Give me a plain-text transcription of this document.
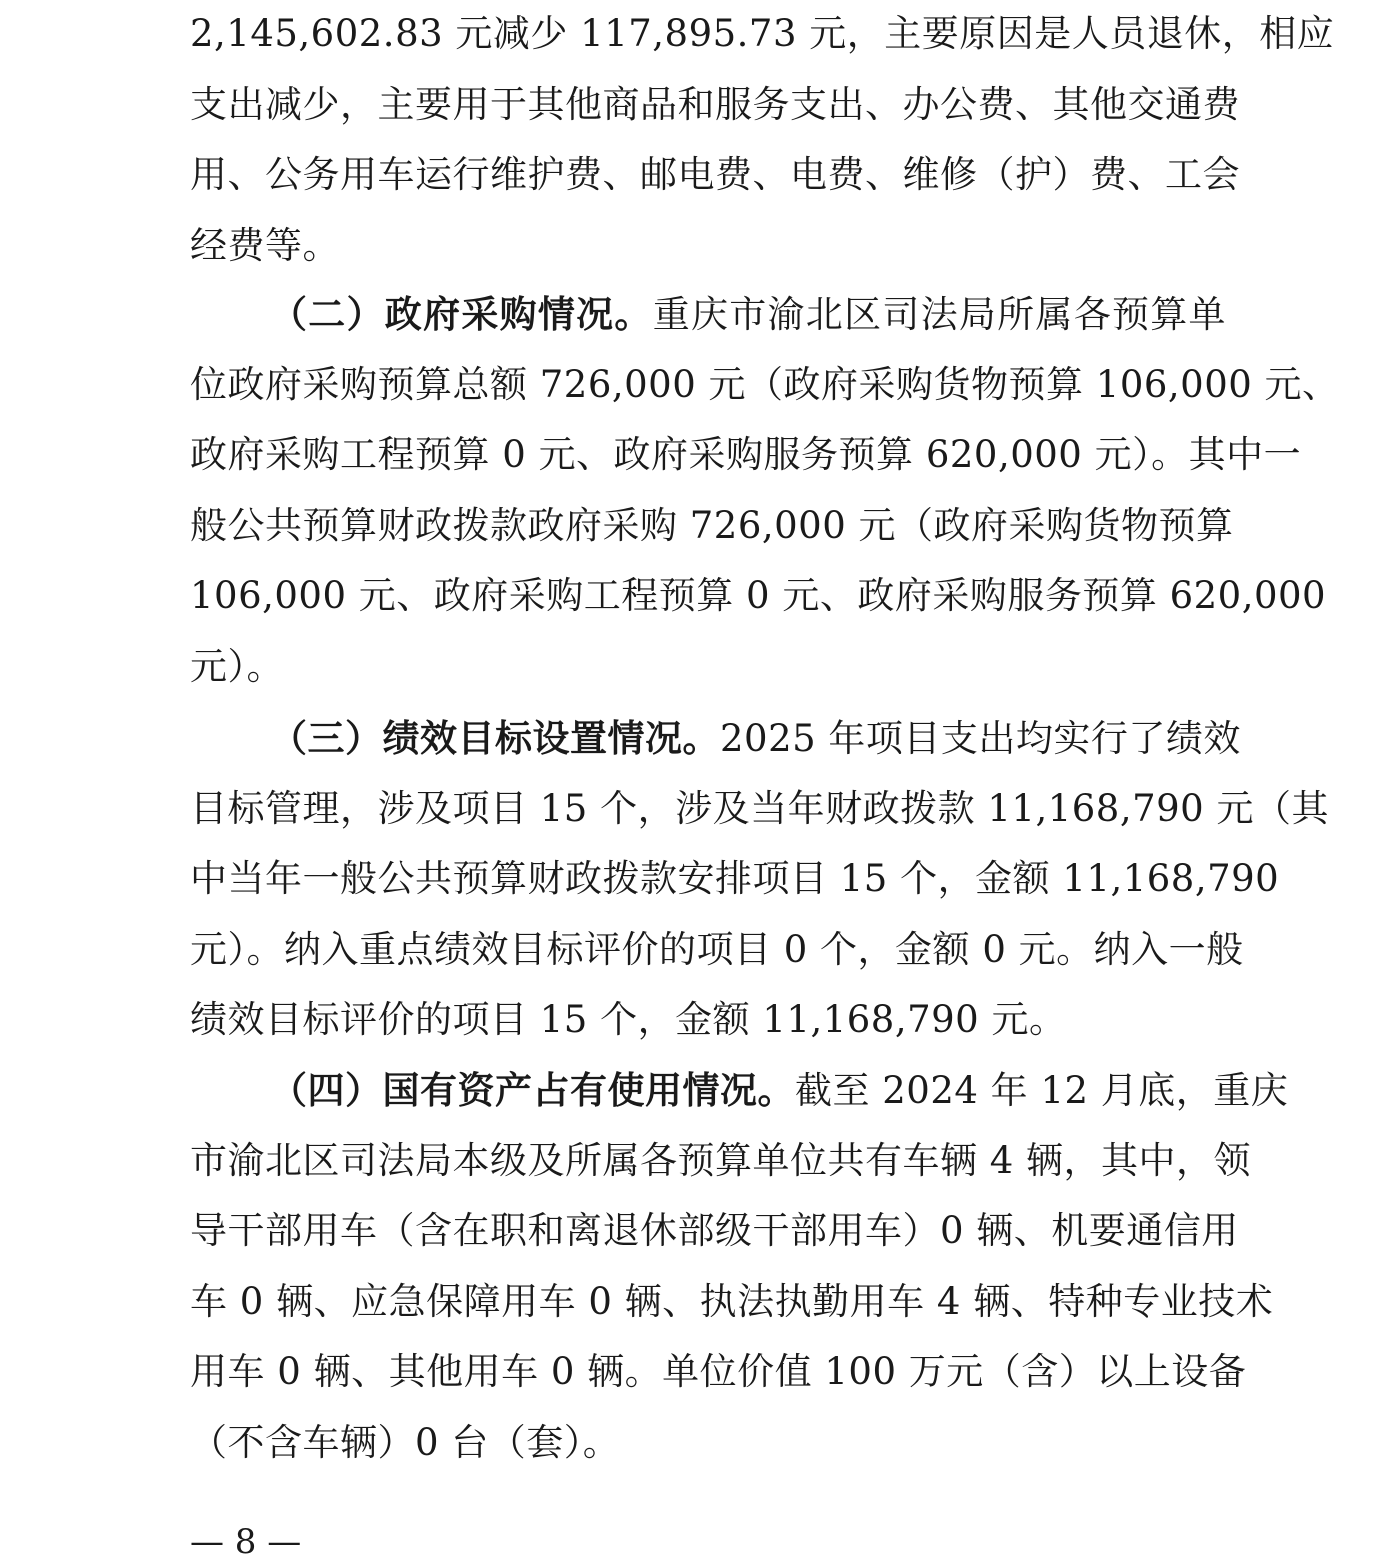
2,145,602.83 元减少 117,895.73 元，主要原因是人员退休，相应
支出减少，主要用于其他商品和服务支出、办公费、其他交通费
用、公务用车运行维护费、邮电费、电费、维修（护）费、工会
经费等。
（二）政府采购情况。重庆市渝北区司法局所属各预算单
位政府采购预算总额 726,000 元（政府采购货物预算 106,000 元、
政府采购工程预算 0 元、政府采购服务预算 620,000 元）。其中一
般公共预算财政拨款政府采购 726,000 元（政府采购货物预算
106,000 元、政府采购工程预算 0 元、政府采购服务预算 620,000
元）。
（三）绩效目标设置情况。2025 年项目支出均实行了绩效
目标管理，涉及项目 15 个，涉及当年财政拨款 11,168,790 元（其
中当年一般公共预算财政拨款安排项目 15 个，金额 11,168,790
元）。纳入重点绩效目标评价的项目 0 个，金额 0 元。纳入一般
绩效目标评价的项目 15 个，金额 11,168,790 元。
（四）国有资产占有使用情况。截至 2024 年 12 月底，重庆
市渝北区司法局本级及所属各预算单位共有车辆 4 辆，其中，领
导干部用车（含在职和离退休部级干部用车）0 辆、机要通信用
车 0 辆、应急保障用车 0 辆、执法执勤用车 4 辆、特种专业技术
用车 0 辆、其他用车 0 辆。单位价值 100 万元（含）以上设备
（不含车辆）0 台（套）。
— 8 —
